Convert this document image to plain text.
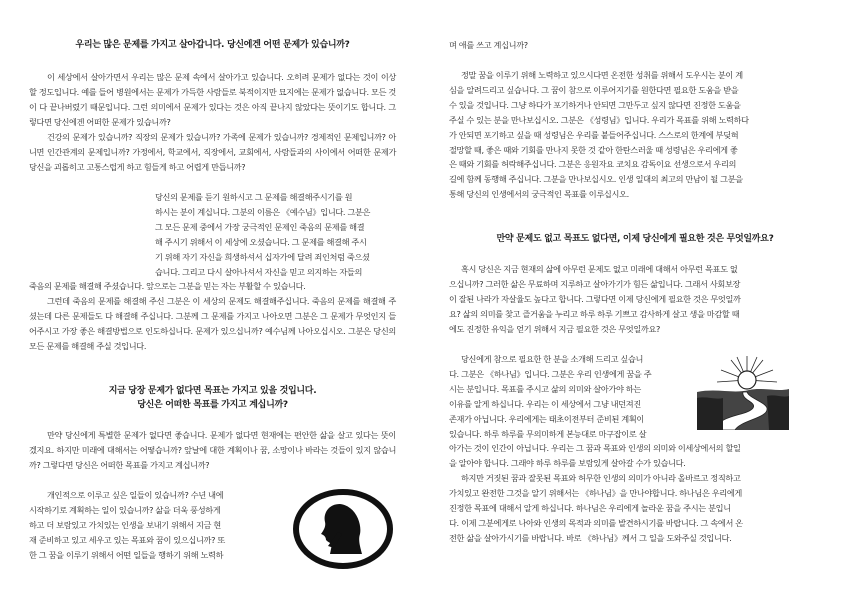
우리는 많은 문제를 가지고 살아갑니다. 당신에겐 어떤 문제가 있습니까?
이 세상에서 살아가면서 우리는 많은 문제 속에서 살아가고 있습니다. 오히려 문제가 없다는 것이 이상할 정도입니다. 예를 들어 병원에서는 문제가 가득한 사람들로 북적이지만 묘지에는 문제가 없습니다. 모든 것이 다 끝나버렸기 때문입니다. 그런 의미에서 문제가 있다는 것은 아직 끝나지 않았다는 뜻이기도 합니다. 그렇다면 당신에겐 어떠한 문제가 있습니까?
건강의 문제가 있습니까? 직장의 문제가 있습니까? 가족에 문제가 있습니까? 경제적인 문제입니까? 아니면 인간관계의 문제입니까? 가정에서, 학교에서, 직장에서, 교회에서, 사람들과의 사이에서 어떠한 문제가 당신을 괴롭히고 고통스럽게 하고 힘들게 하고 어렵게 만듭니까?
당신의 문제를 듣기 원하시고 그 문제를 해결해주시기를 원
하시는 분이 계십니다. 그분의 이름은 《예수님》입니다. 그분은
그 모든 문제 중에서 가장 궁극적인 문제인 죽음의 문제를 해결
해 주시기 위해서 이 세상에 오셨습니다. 그 문제를 해결해 주시
기 위해 자기 자신을 희생하셔서 십자가에 달려 죄인처럼 죽으셨
습니다. 그리고 다시 살아나셔서 자신을 믿고 의지하는 자들의
죽음의 문제를 해결해 주셨습니다. 앞으로는 그분을 믿는 자는 부활할 수 있습니다.
그런데 죽음의 문제를 해결해 주신 그분은 이 세상의 문제도 해결해주십니다. 죽음의 문제를 해결해 주셨는데 다른 문제들도 다 해결해 주십니다. 그분께 그 문제를 가지고 나아오면 그분은 그 문제가 무엇인지 들어주시고 가장 좋은 해결방법으로 인도하십니다. 문제가 있으십니까? 예수님께 나아오십시오. 그분은 당신의 모든 문제를 해결해 주실 것입니다.
지금 당장 문제가 없다면 목표는 가지고 있을 것입니다.
당신은 어떠한 목표를 가지고 계십니까?
만약 당신에게 특별한 문제가 없다면 좋습니다. 문제가 없다면 현재에는 편안한 삶을 살고 있다는 뜻이겠지요. 하지만 미래에 대해서는 어떻습니까? 앞날에 대한 계획이나 꿈, 소망이나 바라는 것들이 있지 않습니까? 그렇다면 당신은 어떠한 목표를 가지고 계십니까?
개인적으로 이루고 싶은 일들이 있습니까? 수년 내에
시작하기로 계획하는 일이 있습니까? 삶을 더욱 풍성하게
하고 더 보람있고 가치있는 인생을 보내기 위해서 지금 현
재 준비하고 있고 세우고 있는 목표와 꿈이 있으십니까? 또
한 그 꿈을 이루기 위해서 어떤 일들을 행하기 위해 노력하
며 애를 쓰고 계십니까?
정말 꿈을 이루기 위해 노력하고 있으시다면 온전한 성취를 위해서 도우시는 분이 계
심을 알려드리고 싶습니다. 그 꿈이 참으로 이루어지기를 원한다면 필요한 도움을 받을
수 있을 것입니다. 그냥 하다가 포기하거나 안되면 그만두고 싶지 않다면 진정한 도움을
주실 수 있는 분을 만나보십시오. 그분은 《성령님》입니다. 우리가 목표를 위해 노력하다
가 안되면 포기하고 싶을 때 성령님은 우리를 붙들어주십니다. 스스로의 한계에 부딪혀
절망할 때, 좋은 때와 기회를 만나지 못한 것 같아 한탄스러울 때 성령님은 우리에게 좋
은 때와 기회를 허락해주십니다. 그분은 응원자요 코치요 감독이요 선생으로서 우리의
길에 함께 동행해 주십니다. 그분을 만나보십시오. 인생 일대의 최고의 만남이 될 그분을
통해 당신의 인생에서의 궁극적인 목표를 이루십시오.
만약 문제도 없고 목표도 없다면, 이제 당신에게 필요한 것은 무엇일까요?
혹시 당신은 지금 현재의 삶에 아무런 문제도 없고 미래에 대해서 아무런 목표도 없
으십니까? 그러한 삶은 무료하며 지루하고 살아가기가 힘든 삶입니다. 그래서 사회보장
이 잘된 나라가 자살율도 높다고 합니다. 그렇다면 이제 당신에게 필요한 것은 무엇일까
요? 삶의 의미를 찾고 즐거움을 누리고 하루 하루 기쁘고 감사하게 살고 생을 마감할 때
에도 진정한 유익을 얻기 위해서 지금 필요한 것은 무엇일까요?
당신에게 참으로 필요한 한 분을 소개해 드리고 싶습니
다. 그분은 《하나님》입니다. 그분은 우리 인생에게 꿈을 주
시는 분입니다. 목표를 주시고 삶의 의미와 살아가야 하는
이유를 알게 하십니다. 우리는 이 세상에서 그냥 내던져진
존재가 아닙니다. 우리에게는 태초이전부터 준비된 계획이
있습니다. 하루 하루를 무의미하게 본능대로 마구잡이로 살
아가는 것이 인간이 아닙니다. 우리는 그 꿈과 목표와 인생의 의미와 이세상에서의 할일
을 알아야 합니다. 그래야 하루 하루를 보람있게 살아갈 수가 있습니다.
하지만 거짓된 꿈과 잘못된 목표와 허무한 인생의 의미가 아니라 올바르고 정직하고
가치있고 완전한 그것을 알기 위해서는 《하나님》을 만나야합니다. 하나님은 우리에게
진정한 목표에 대해서 알게 하십니다. 하나님은 우리에게 놀라운 꿈을 주시는 분입니
다. 이제 그분에게로 나아와 인생의 목적과 의미를 발견하시기를 바랍니다. 그 속에서 온
전한 삶을 살아가시기를 바랍니다. 바로 《하나님》께서 그 일을 도와주실 것입니다.
